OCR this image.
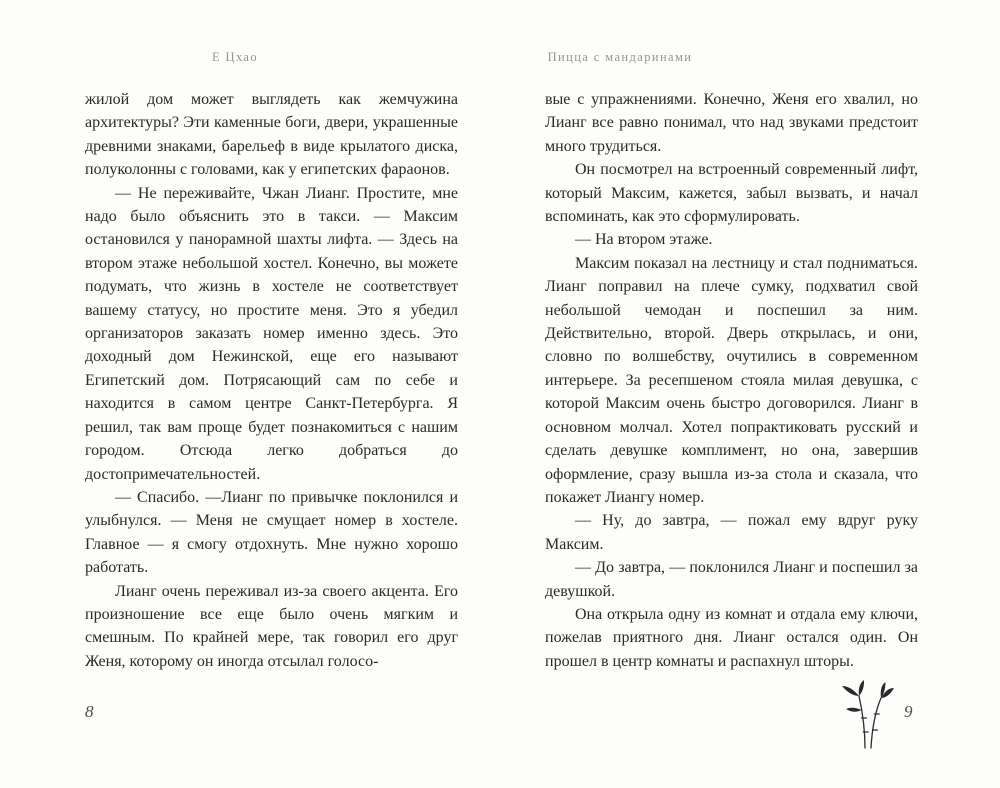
Е Цхао	Пицца с мандаринами

жилой дом может выглядеть как жемчужина архитектуры? Эти каменные боги, двери, украшенные древними знаками, барельеф в виде крылатого диска, полуколонны с головами, как у египетских фараонов.

— Не переживайте, Чжан Лианг. Простите, мне надо было объяснить это в такси. — Максим остановился у панорамной шахты лифта. — Здесь на втором этаже небольшой хостел. Конечно, вы можете подумать, что жизнь в хостеле не соответствует вашему статусу, но простите меня. Это я убедил организаторов заказать номер именно здесь. Это доходный дом Нежинской, еще его называют Египетский дом. Потрясающий сам по себе и находится в самом центре Санкт-Петербурга. Я решил, так вам проще будет познакомиться с нашим городом. Отсюда легко добраться до достопримечательностей.

— Спасибо. —Лианг по привычке поклонился и улыбнулся. — Меня не смущает номер в хостеле. Главное — я смогу отдохнуть. Мне нужно хорошо работать.

Лианг очень переживал из-за своего акцента. Его произношение все еще было очень мягким и смешным. По крайней мере, так говорил его друг Женя, которому он иногда отсылал голосо-

8

вые с упражнениями. Конечно, Женя его хвалил, но Лианг все равно понимал, что над звуками предстоит много трудиться.

Он посмотрел на встроенный современный лифт, который Максим, кажется, забыл вызвать, и начал вспоминать, как это сформулировать.

— На втором этаже.

Максим показал на лестницу и стал подниматься. Лианг поправил на плече сумку, подхватил свой небольшой чемодан и поспешил за ним. Действительно, второй. Дверь открылась, и они, словно по волшебству, очутились в современном интерьере. За ресепшеном стояла милая девушка, с которой Максим очень быстро договорился. Лианг в основном молчал. Хотел попрактиковать русский и сделать девушке комплимент, но она, завершив оформление, сразу вышла из-за стола и сказала, что покажет Лиангу номер.

— Ну, до завтра, — пожал ему вдруг руку Максим.

— До завтра, — поклонился Лианг и поспешил за девушкой.

Она открыла одну из комнат и отдала ему ключи, пожелав приятного дня. Лианг остался один. Он прошел в центр комнаты и распахнул шторы.

9
